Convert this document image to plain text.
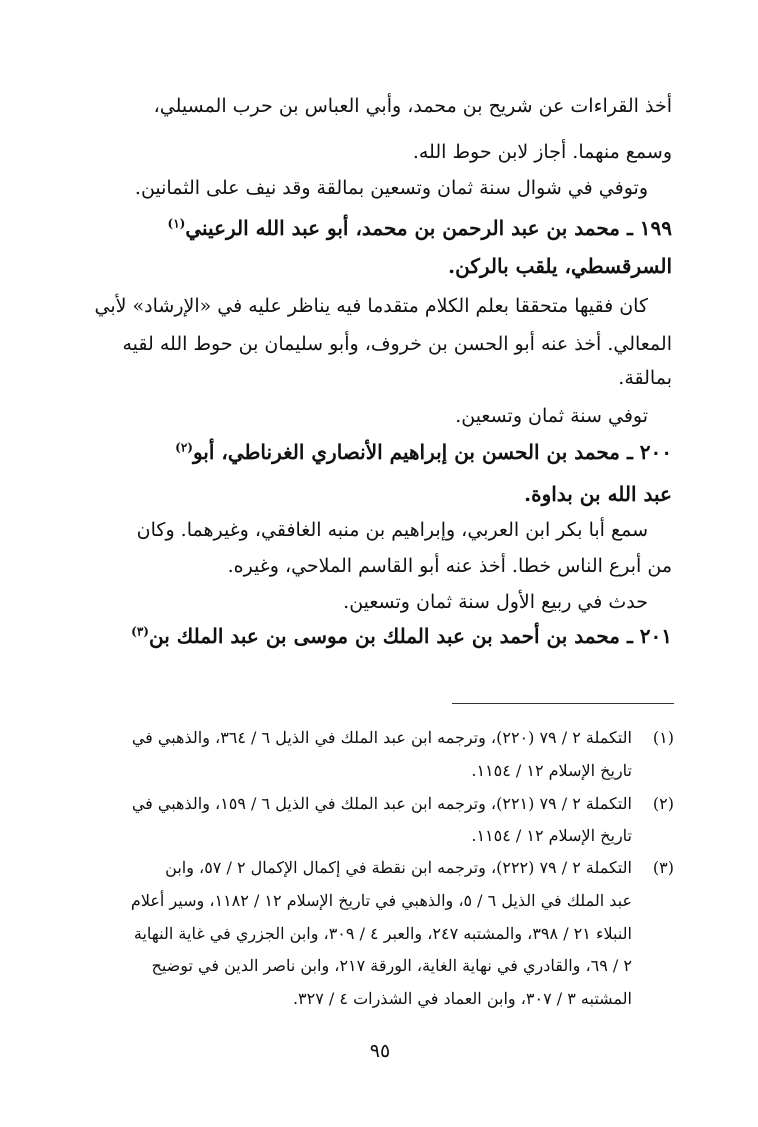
أخذ القراءات عن شريح بن محمد، وأبي العباس بن حرب المسيلي،
وسمع منهما. أجاز لابن حوط الله.
وتوفي في شوال سنة ثمان وتسعين بمالقة وقد نيف على الثمانين.
١٩٩ ـ محمد بن عبد الرحمن بن محمد، أبو عبد الله الرعيني$^{(١)}$
السرقسطي، يلقب بالركن.
كان فقيها متحققا بعلم الكلام متقدما فيه يناظر عليه في «الإرشاد» لأبي
المعالي. أخذ عنه أبو الحسن بن خروف، وأبو سليمان بن حوط الله لقيه
بمالقة.
توفي سنة ثمان وتسعين.
٢٠٠ ـ محمد بن الحسن بن إبراهيم الأنصاري الغرناطي، أبو$^{(٢)}$
عبد الله بن بداوة.
سمع أبا بكر ابن العربي، وإبراهيم بن منبه الغافقي، وغيرهما. وكان
من أبرع الناس خطا. أخذ عنه أبو القاسم الملاحي، وغيره.
حدث في ربيع الأول سنة ثمان وتسعين.
٢٠١ ـ محمد بن أحمد بن عبد الملك بن موسى بن عبد الملك بن$^{(٣)}$
(١)
التكملة ٢ / ٧٩ (٢٢٠)، وترجمه ابن عبد الملك في الذيل ٦ / ٣٦٤، والذهبي في
تاريخ الإسلام ١٢ / ١١٥٤.
(٢)
التكملة ٢ / ٧٩ (٢٢١)، وترجمه ابن عبد الملك في الذيل ٦ / ١٥٩، والذهبي في
تاريخ الإسلام ١٢ / ١١٥٤.
(٣)
التكملة ٢ / ٧٩ (٢٢٢)، وترجمه ابن نقطة في إكمال الإكمال ٢ / ٥٧، وابن
عبد الملك في الذيل ٦ / ٥، والذهبي في تاريخ الإسلام ١٢ / ١١٨٢، وسير أعلام
النبلاء ٢١ / ٣٩٨، والمشتبه ٢٤٧، والعبر ٤ / ٣٠٩، وابن الجزري في غاية النهاية
٢ / ٦٩، والقادري في نهاية الغاية، الورقة ٢١٧، وابن ناصر الدين في توضيح
المشتبه ٣ / ٣٠٧، وابن العماد في الشذرات ٤ / ٣٢٧.
٩٥
